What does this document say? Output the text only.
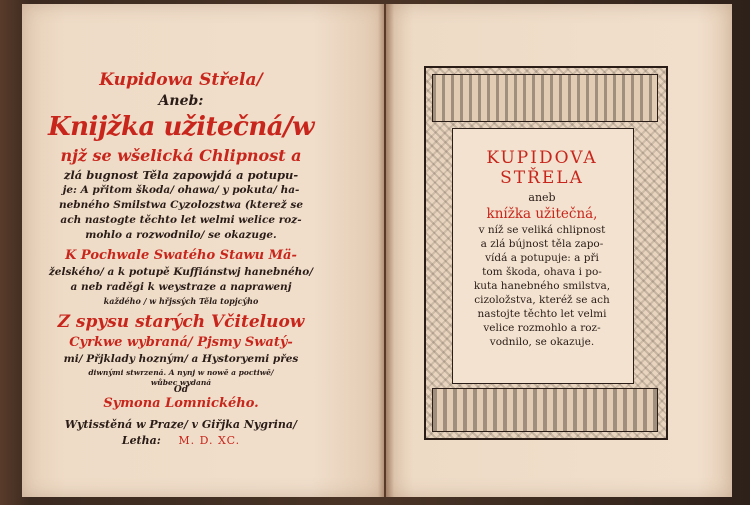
Kupidowa Střela/
Aneb:
Knijžka užitečná/w
njž se wšelická Chlipnost a
zlá bugnost Těla zapowjdá a potupu-
je: A přitom škoda/ ohawa/ y pokuta/ ha-
nebného Smilstwa Cyzolozstwa (kterež se
ach nastogte těchto let welmi welice roz-
mohlo a rozwodnilo/ se okazuge.
K Pochwale Swatého Stawu Mä-
želského/ a k potupě Kuffiánstwj hanebného/
a neb raděgi k weystraze a naprawenj
každého / w hřjssých Těla topjcýho
Z spysu starých Včiteluow
Cyrkwe wybraná/ Pjsmy Swatý-
mi/ Přjklady hozným/ a Hystoryemi přes
diwnými stwrzená. A nynj w nowě a poctiwě/
wůbec wydaná
Od
Symona Lomnického.
Wytisstěná w Praze/ v Giřjka Nygrina/
Letha: M. D. XC.
KUPIDOVA
STŘELA
aneb
knížka užitečná,
v níž se veliká chlipnost
a zlá bújnost těla zapo-
vídá a potupuje: a při
tom škoda, ohava i po-
kuta hanebného smilstva,
cizoložstva, kteréž se ach
nastojte těchto let velmi
velice rozmohlo a roz-
vodnilo, se okazuje.
